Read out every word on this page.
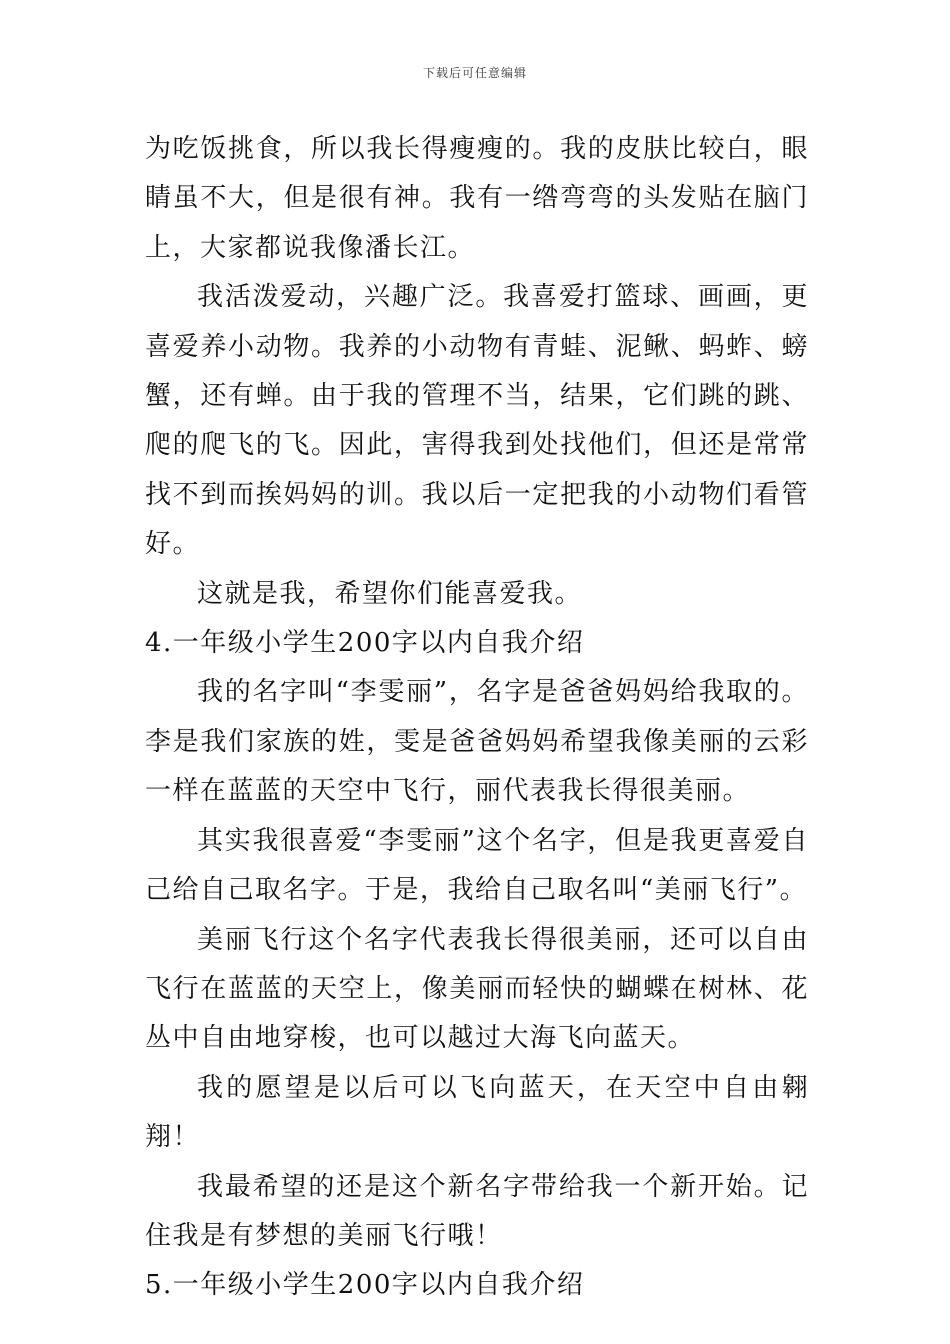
下载后可任意编辑

为吃饭挑食，所以我长得瘦瘦的。我的皮肤比较白，眼睛虽不大，但是很有神。我有一绺弯弯的头发贴在脑门上，大家都说我像潘长江。

我活泼爱动，兴趣广泛。我喜爱打篮球、画画，更喜爱养小动物。我养的小动物有青蛙、泥鳅、蚂蚱、螃蟹，还有蝉。由于我的管理不当，结果，它们跳的跳、爬的爬飞的飞。因此，害得我到处找他们，但还是常常找不到而挨妈妈的训。我以后一定把我的小动物们看管好。

这就是我，希望你们能喜爱我。

4.一年级小学生200字以内自我介绍

我的名字叫“李雯丽”，名字是爸爸妈妈给我取的。李是我们家族的姓，雯是爸爸妈妈希望我像美丽的云彩一样在蓝蓝的天空中飞行，丽代表我长得很美丽。

其实我很喜爱“李雯丽”这个名字，但是我更喜爱自己给自己取名字。于是，我给自己取名叫“美丽飞行”。

美丽飞行这个名字代表我长得很美丽，还可以自由飞行在蓝蓝的天空上，像美丽而轻快的蝴蝶在树林、花丛中自由地穿梭，也可以越过大海飞向蓝天。

我的愿望是以后可以飞向蓝天，在天空中自由翱翔！

我最希望的还是这个新名字带给我一个新开始。记住我是有梦想的美丽飞行哦！

5.一年级小学生200字以内自我介绍
